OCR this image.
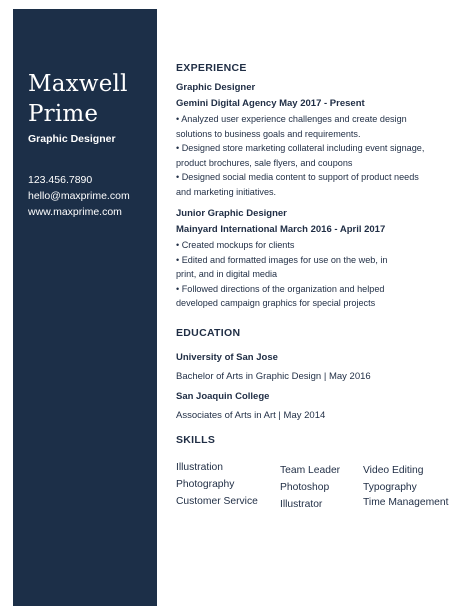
Maxwell
Prime
Graphic Designer
123.456.7890
hello@maxprime.com
www.maxprime.com
EXPERIENCE
Graphic Designer
Gemini Digital Agency May 2017 - Present
• Analyzed user experience challenges and create design
solutions to business goals and requirements.
• Designed store marketing collateral including event signage,
product brochures, sale flyers, and coupons
• Designed social media content to support of product needs
and marketing initiatives.
Junior Graphic Designer
Mainyard International March 2016 - April 2017
• Created mockups for clients
• Edited and formatted images for use on the web, in
print, and in digital media
• Followed directions of the organization and helped
developed campaign graphics for special projects
EDUCATION
University of San Jose
Bachelor of Arts in Graphic Design | May 2016
San Joaquin College
Associates of Arts in Art | May 2014
SKILLS
Illustration
Photography
Customer Service
Team Leader
Photoshop
Illustrator
Video Editing
Typography
Time Management
